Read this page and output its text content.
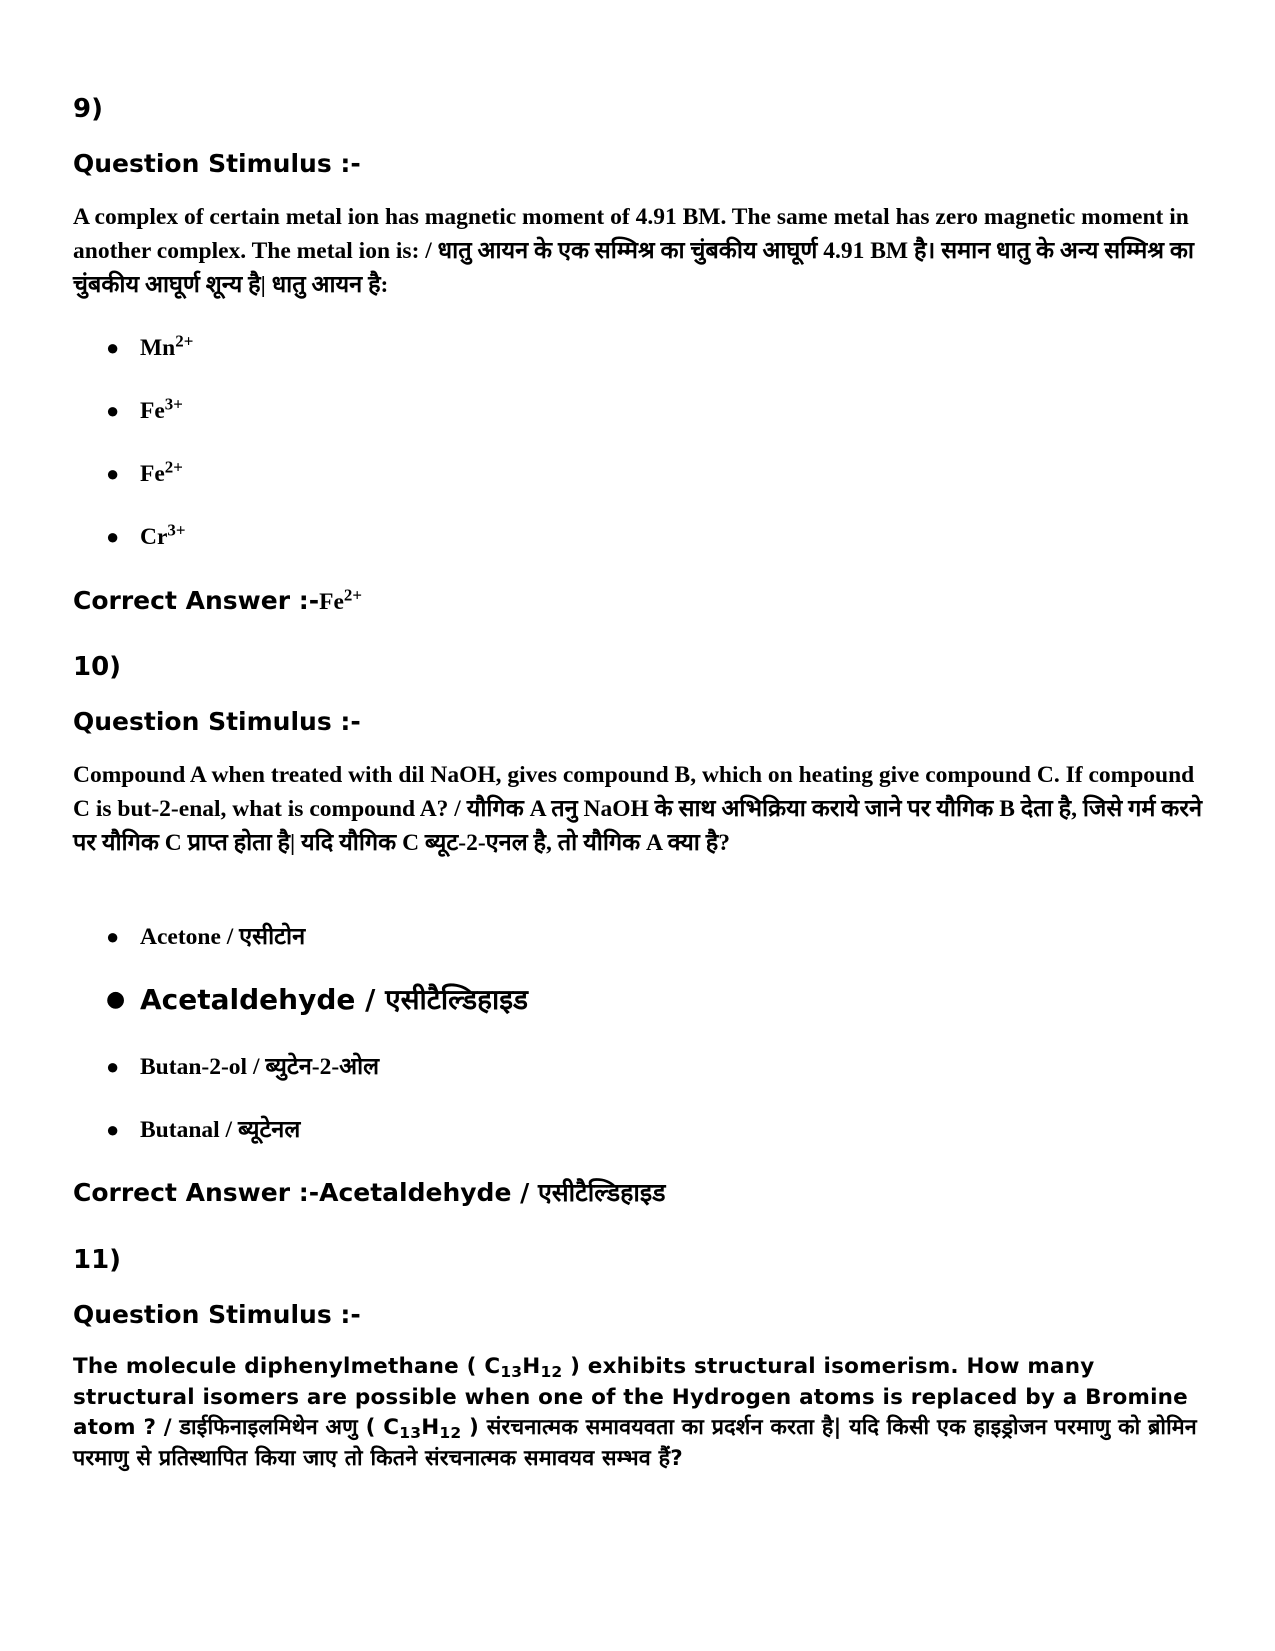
9)
Question Stimulus :-
A complex of certain metal ion has magnetic moment of 4.91 BM. The same metal has zero magnetic moment in another complex. The metal ion is: / धातु आयन के एक सम्मिश्र का चुंबकीय आघूर्ण 4.91 BM है। समान धातु के अन्य सम्मिश्र का चुंबकीय आघूर्ण शून्य है| धातु आयन है:
● $Mn^{2+}$
● $Fe^{3+}$
● $Fe^{2+}$
● $Cr^{3+}$
Correct Answer $:-Fe^{2+}$
10)
Question Stimulus :-
Compound A when treated with dil NaOH, gives compound B, which on heating give compound C. If compound C is but-2-enal, what is compound A? / यौगिक A तनु NaOH के साथ अभिक्रिया कराये जाने पर यौगिक B देता है, जिसे गर्म करने पर यौगिक C प्राप्त होता है| यदि यौगिक C ब्यूट-2-एनल है, तो यौगिक A क्या है?
● Acetone / एसीटोन
● Acetaldehyde / एसीटैल्डिहाइड
● Butan-2-ol / ब्युटेन-2-ओल
● Butanal / ब्यूटेनल
Correct Answer :-Acetaldehyde / एसीटैल्डिहाइड
11)
Question Stimulus :-
The molecule diphenylmethane ( $C_{13}H_{12}$ ) exhibits structural isomerism. How many structural isomers are possible when one of the Hydrogen atoms is replaced by a Bromine atom ? / डाईफिनाइलमिथेन अणु ( $C_{13}H_{12}$ ) संरचनात्मक समावयवता का प्रदर्शन करता है| यदि किसी एक हाइड्रोजन परमाणु को ब्रोमिन परमाणु से प्रतिस्थापित किया जाए तो कितने संरचनात्मक समावयव सम्भव हैं?
